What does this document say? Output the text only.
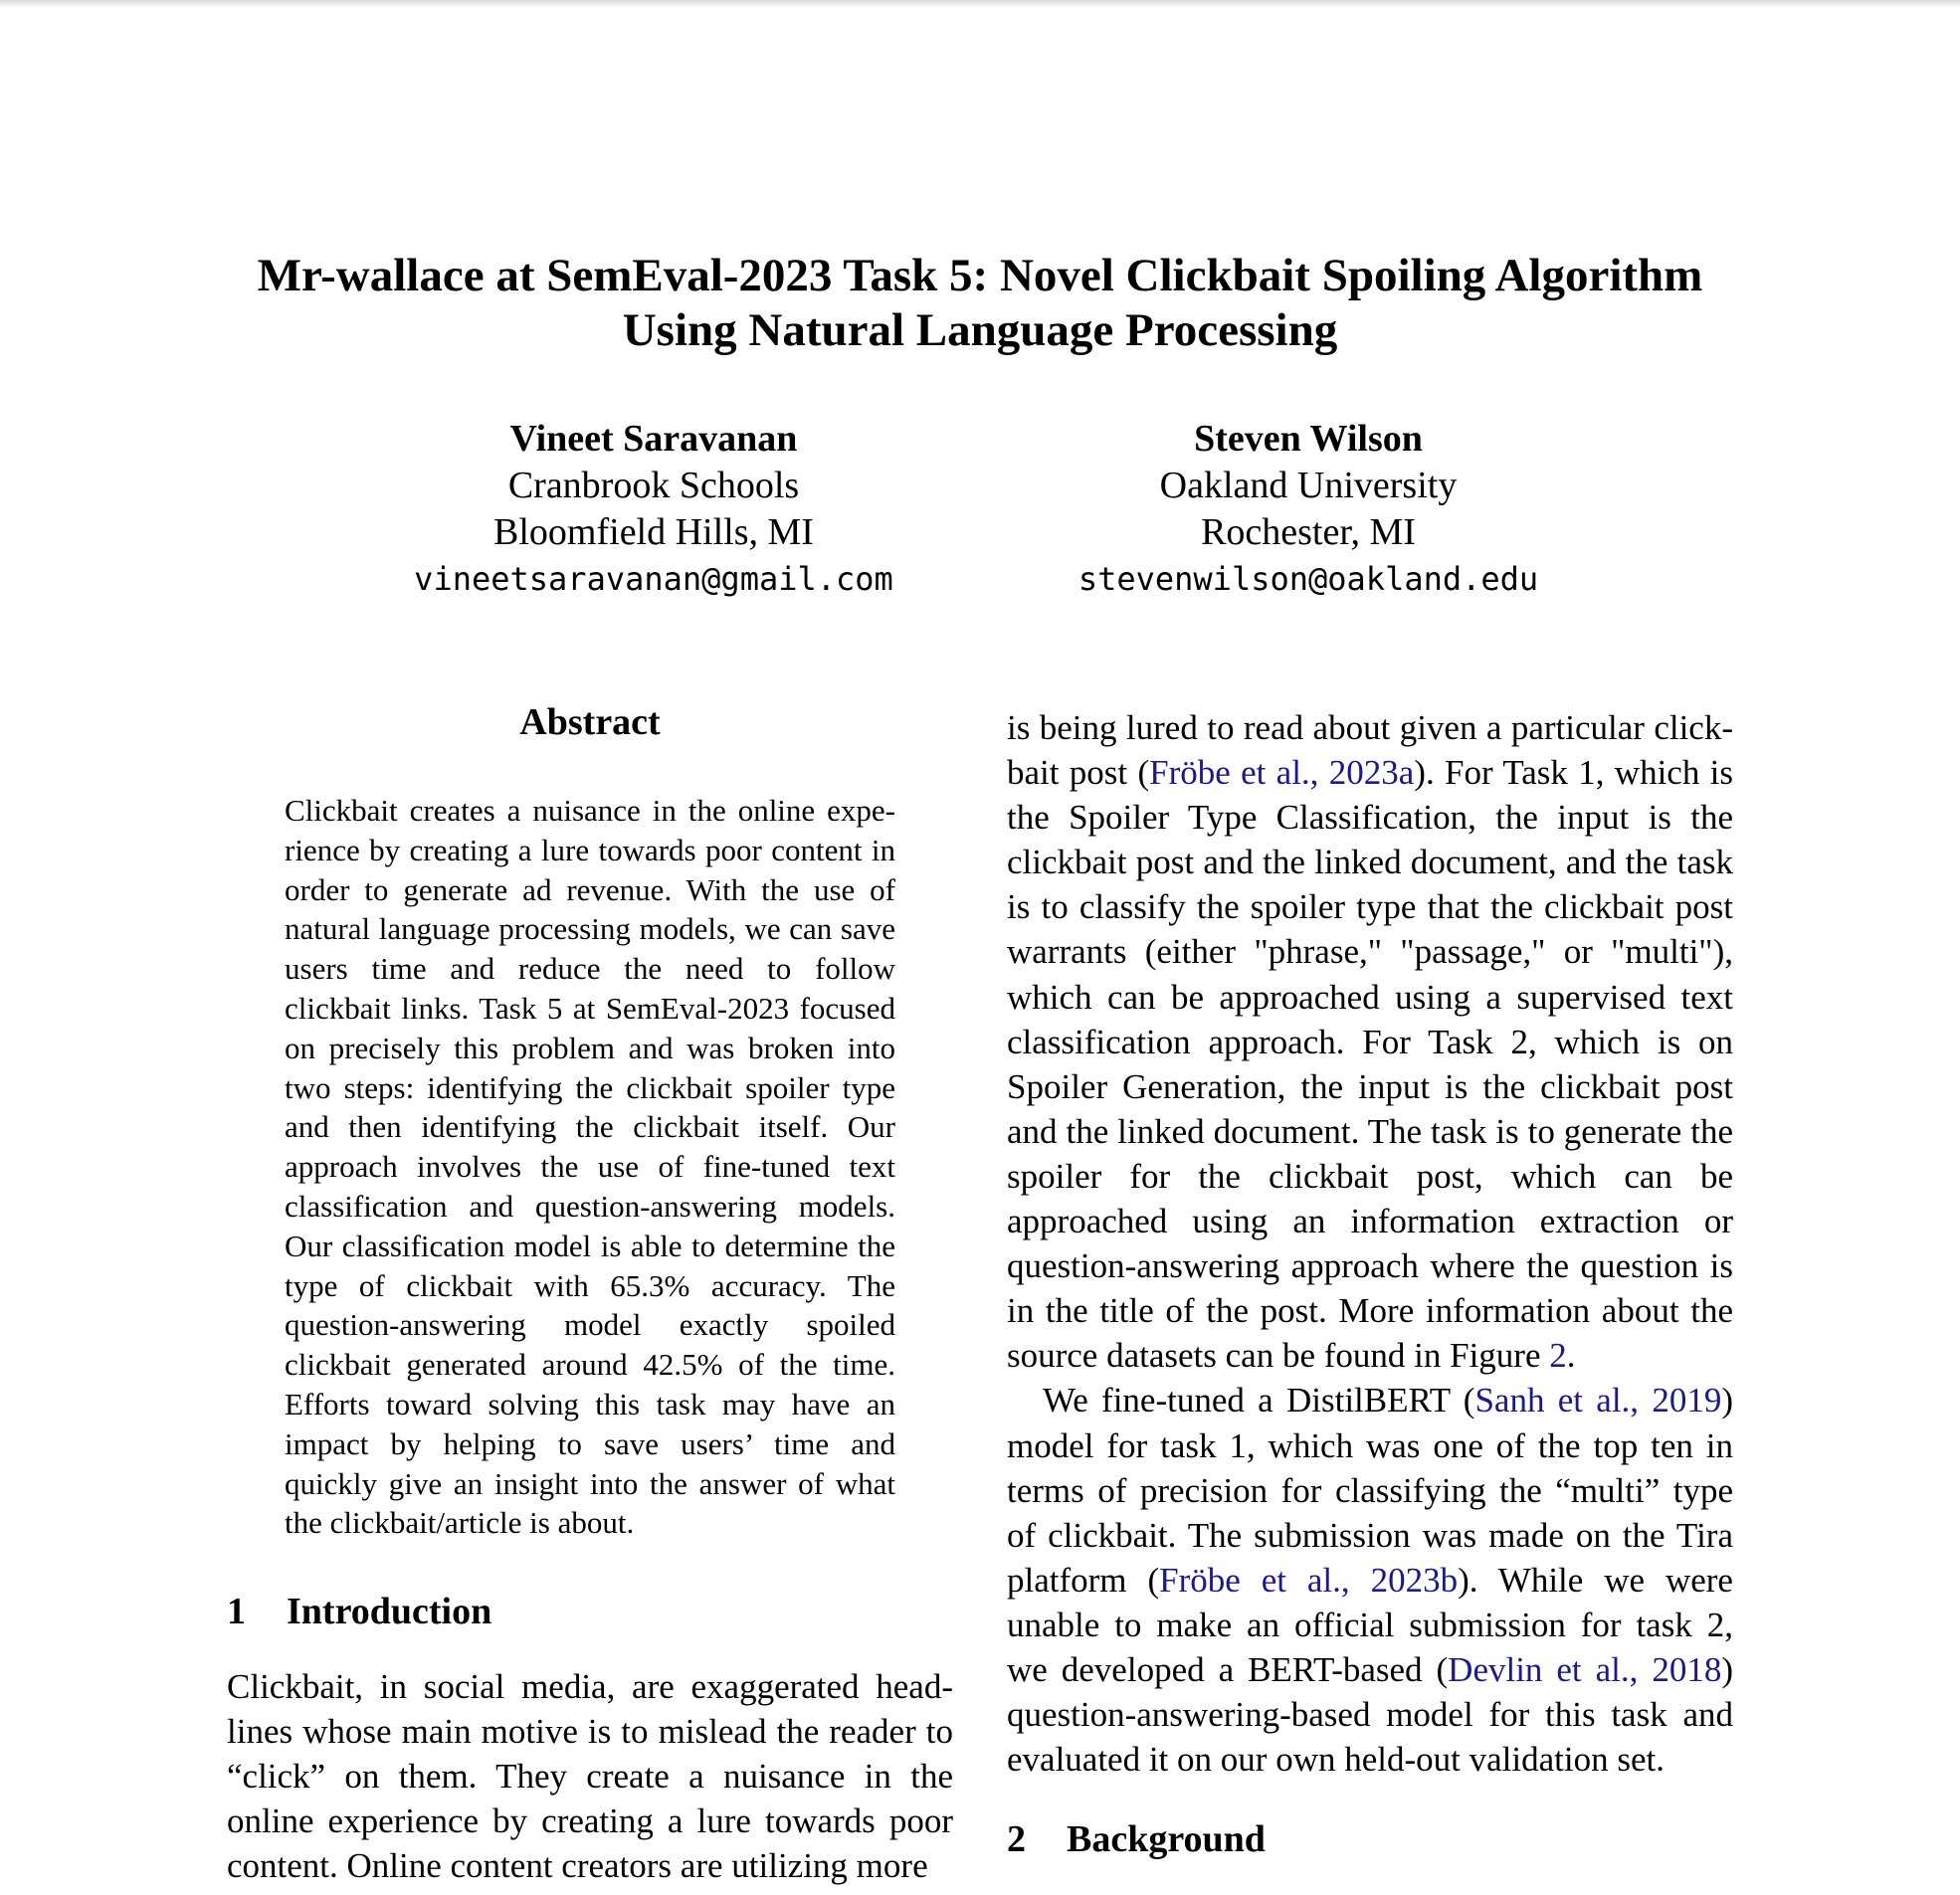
Mr-wallace at SemEval-2023 Task 5: Novel Clickbait Spoiling Algorithm
Using Natural Language Processing
Vineet Saravanan
Cranbrook Schools
Bloomfield Hills, MI
vineetsaravanan@gmail.com
Steven Wilson
Oakland University
Rochester, MI
stevenwilson@oakland.edu
Abstract
Clickbait creates a nuisance in the online experience by creating a lure towards poor content in order to generate ad revenue. With the use of natural language processing models, we can save users time and reduce the need to follow clickbait links. Task 5 at SemEval-2023 focused on precisely this problem and was broken into two steps: identifying the clickbait spoiler type and then identifying the clickbait itself. Our approach involves the use of fine-tuned text classification and question-answering models. Our classification model is able to determine the type of clickbait with 65.3% accuracy. The question-answering model exactly spoiled clickbait generated around 42.5% of the time. Efforts toward solving this task may have an impact by helping to save users’ time and quickly give an insight into the answer of what the clickbait/article is about.
1 Introduction
Clickbait, in social media, are exaggerated headlines whose main motive is to mislead the reader to “click” on them. They create a nuisance in the online experience by creating a lure towards poor content. Online content creators are utilizing more

is being lured to read about given a particular clickbait post (Fröbe et al., 2023a). For Task 1, which is the Spoiler Type Classification, the input is the clickbait post and the linked document, and the task is to classify the spoiler type that the clickbait post warrants (either "phrase," "passage," or "multi"), which can be approached using a supervised text classification approach. For Task 2, which is on Spoiler Generation, the input is the clickbait post and the linked document. The task is to generate the spoiler for the clickbait post, which can be approached using an information extraction or question-answering approach where the question is in the title of the post. More information about the source datasets can be found in Figure 2.

We fine-tuned a DistilBERT (Sanh et al., 2019) model for task 1, which was one of the top ten in terms of precision for classifying the “multi” type of clickbait. The submission was made on the Tira platform (Fröbe et al., 2023b). While we were unable to make an official submission for task 2, we developed a BERT-based (Devlin et al., 2018) question-answering-based model for this task and evaluated it on our own held-out validation set.

2 Background
